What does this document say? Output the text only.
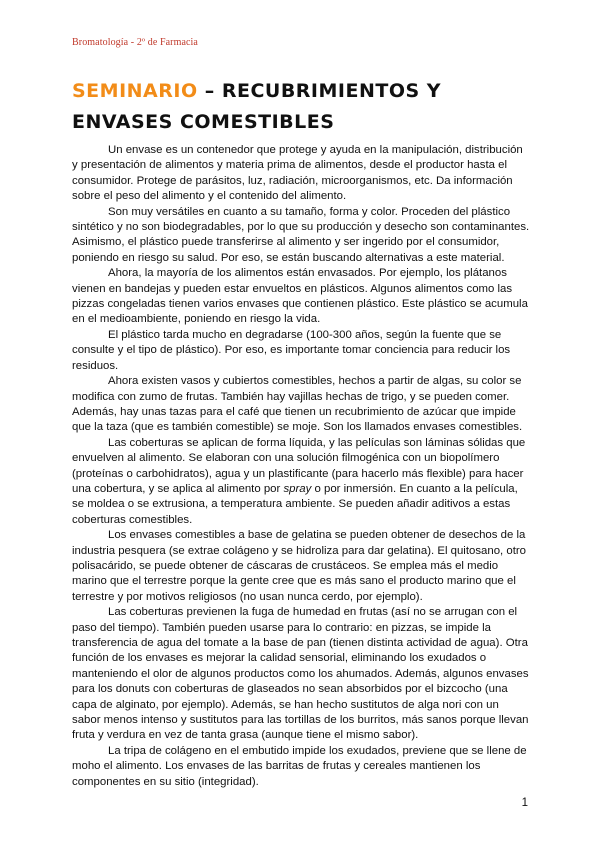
Bromatología - 2º de Farmacia
SEMINARIO – RECUBRIMIENTOS Y ENVASES COMESTIBLES

Un envase es un contenedor que protege y ayuda en la manipulación, distribución y presentación de alimentos y materia prima de alimentos, desde el productor hasta el consumidor. Protege de parásitos, luz, radiación, microorganismos, etc. Da información sobre el peso del alimento y el contenido del alimento.

Son muy versátiles en cuanto a su tamaño, forma y color. Proceden del plástico sintético y no son biodegradables, por lo que su producción y desecho son contaminantes. Asimismo, el plástico puede transferirse al alimento y ser ingerido por el consumidor, poniendo en riesgo su salud. Por eso, se están buscando alternativas a este material.

Ahora, la mayoría de los alimentos están envasados. Por ejemplo, los plátanos vienen en bandejas y pueden estar envueltos en plásticos. Algunos alimentos como las pizzas congeladas tienen varios envases que contienen plástico. Este plástico se acumula en el medioambiente, poniendo en riesgo la vida.

El plástico tarda mucho en degradarse (100-300 años, según la fuente que se consulte y el tipo de plástico). Por eso, es importante tomar conciencia para reducir los residuos.

Ahora existen vasos y cubiertos comestibles, hechos a partir de algas, su color se modifica con zumo de frutas. También hay vajillas hechas de trigo, y se pueden comer. Además, hay unas tazas para el café que tienen un recubrimiento de azúcar que impide que la taza (que es también comestible) se moje. Son los llamados envases comestibles.

Las coberturas se aplican de forma líquida, y las películas son láminas sólidas que envuelven al alimento. Se elaboran con una solución filmogénica con un biopolímero (proteínas o carbohidratos), agua y un plastificante (para hacerlo más flexible) para hacer una cobertura, y se aplica al alimento por spray o por inmersión. En cuanto a la película, se moldea o se extrusiona, a temperatura ambiente. Se pueden añadir aditivos a estas coberturas comestibles.

Los envases comestibles a base de gelatina se pueden obtener de desechos de la industria pesquera (se extrae colágeno y se hidroliza para dar gelatina). El quitosano, otro polisacárido, se puede obtener de cáscaras de crustáceos. Se emplea más el medio marino que el terrestre porque la gente cree que es más sano el producto marino que el terrestre y por motivos religiosos (no usan nunca cerdo, por ejemplo).

Las coberturas previenen la fuga de humedad en frutas (así no se arrugan con el paso del tiempo). También pueden usarse para lo contrario: en pizzas, se impide la transferencia de agua del tomate a la base de pan (tienen distinta actividad de agua). Otra función de los envases es mejorar la calidad sensorial, eliminando los exudados o manteniendo el olor de algunos productos como los ahumados. Además, algunos envases para los donuts con coberturas de glaseados no sean absorbidos por el bizcocho (una capa de alginato, por ejemplo). Además, se han hecho sustitutos de alga nori con un sabor menos intenso y sustitutos para las tortillas de los burritos, más sanos porque llevan fruta y verdura en vez de tanta grasa (aunque tiene el mismo sabor).

La tripa de colágeno en el embutido impide los exudados, previene que se llene de moho el alimento. Los envases de las barritas de frutas y cereales mantienen los componentes en su sitio (integridad).

1
